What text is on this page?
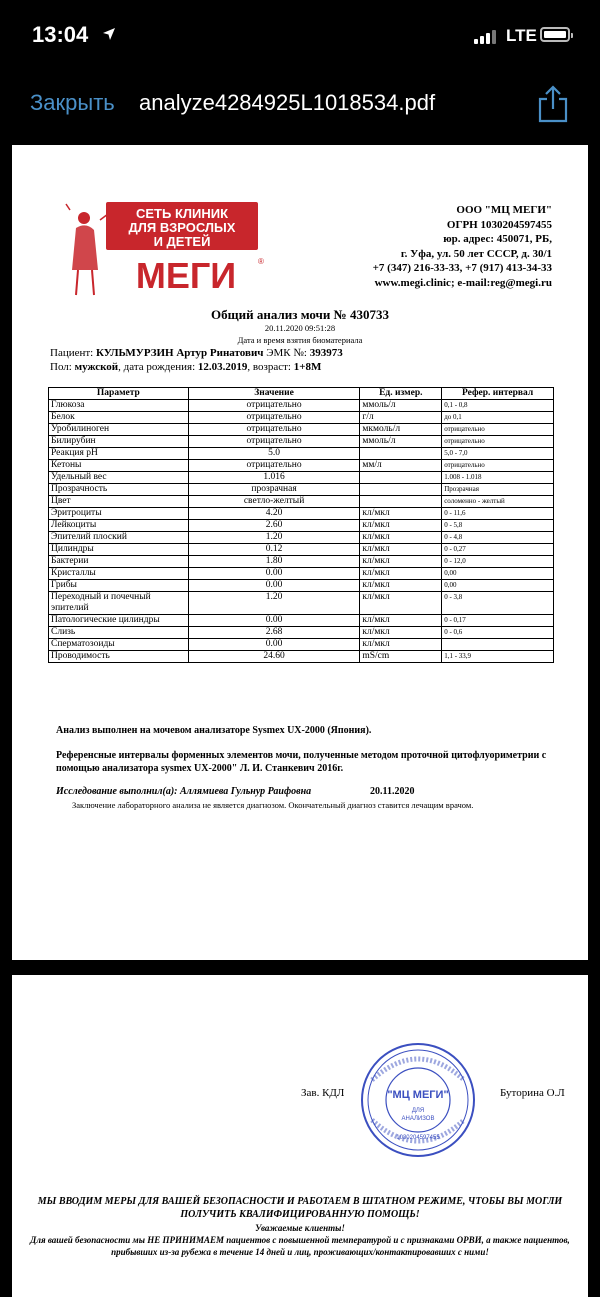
13:04	LTE
Закрыть analyze4284925L1018534.pdf
СЕТЬ КЛИНИК
ДЛЯ ВЗРОСЛЫХ
И ДЕТЕЙ
МЕГИ	®
ООО "МЦ МЕГИ"
ОГРН 1030204597455
юр. адрес: 450071, РБ,
г. Уфа, ул. 50 лет СССР, д. 30/1
+7 (347) 216-33-33, +7 (917) 413-34-33
www.megi.clinic; e-mail:reg@megi.ru
Общий анализ мочи № 430733
20.11.2020 09:51:28
Дата и время взятия биоматериала
Пациент: КУЛЬМУРЗИН Артур Ринатович ЭМК №: 393973
Пол: мужской, дата рождения: 12.03.2019, возраст: 1+8М
Параметр	Значение	Ед. измер.	Рефер. интервал
Глюкоза	отрицательно	ммоль/л	0,1 - 0,8
Белок	отрицательно	г/л	до 0,1
Уробилиноген	отрицательно	мкмоль/л	отрицательно
Билирубин	отрицательно	ммоль/л	отрицательно
Реакция pH	5.0		5,0 - 7,0
Кетоны	отрицательно	мм/л	отрицательно
Удельный вес	1.016		1.008 - 1.018
Прозрачность	прозрачная		Прозрачная
Цвет	светло-желтый		соломенно - желтый
Эритроциты	4.20	кл/мкл	0 - 11,6
Лейкоциты	2.60	кл/мкл	0 - 5,8
Эпителий плоский	1.20	кл/мкл	0 - 4,8
Цилиндры	0.12	кл/мкл	0 - 0,27
Бактерии	1.80	кл/мкл	0 - 12,0
Кристаллы	0.00	кл/мкл	0,00
Грибы	0.00	кл/мкл	0,00
Переходный и почечный эпителий	1.20	кл/мкл	0 - 3,8
Патологические цилиндры	0.00	кл/мкл	0 - 0,17
Слизь	2.68	кл/мкл	0 - 0,6
Сперматозоиды	0.00	кл/мкл	
Проводимость	24.60	mS/cm	1,1 - 33,9
Анализ выполнен на мочевом анализаторе Sysmex UX-2000 (Япония).
Референсные интервалы форменных элементов мочи, полученные методом проточной цитофлуориметрии с помощью анализатора sysmex UX-2000" Л. И. Станкевич 2016г.
Исследование выполнил(а): Аллямиева Гульнур Раифовна	20.11.2020
Заключение лабораторного анализа не является диагнозом. Окончательный диагноз ставится лечащим врачом.
Зав. КДЛ	"МЦ МЕГИ"
ДЛЯ
АНАЛИЗОВ
1030204597455
Буторина О.Л
МЫ ВВОДИМ МЕРЫ ДЛЯ ВАШЕЙ БЕЗОПАСНОСТИ И РАБОТАЕМ В ШТАТНОМ РЕЖИМЕ, ЧТОБЫ ВЫ МОГЛИ ПОЛУЧИТЬ КВАЛИФИЦИРОВАННУЮ ПОМОЩЬ!
Уважаемые клиенты!
Для вашей безопасности мы НЕ ПРИНИМАЕМ пациентов с повышенной температурой и с признаками ОРВИ, а также пациентов, прибывших из-за рубежа в течение 14 дней и лиц, проживающих/контактировавших с ними!
